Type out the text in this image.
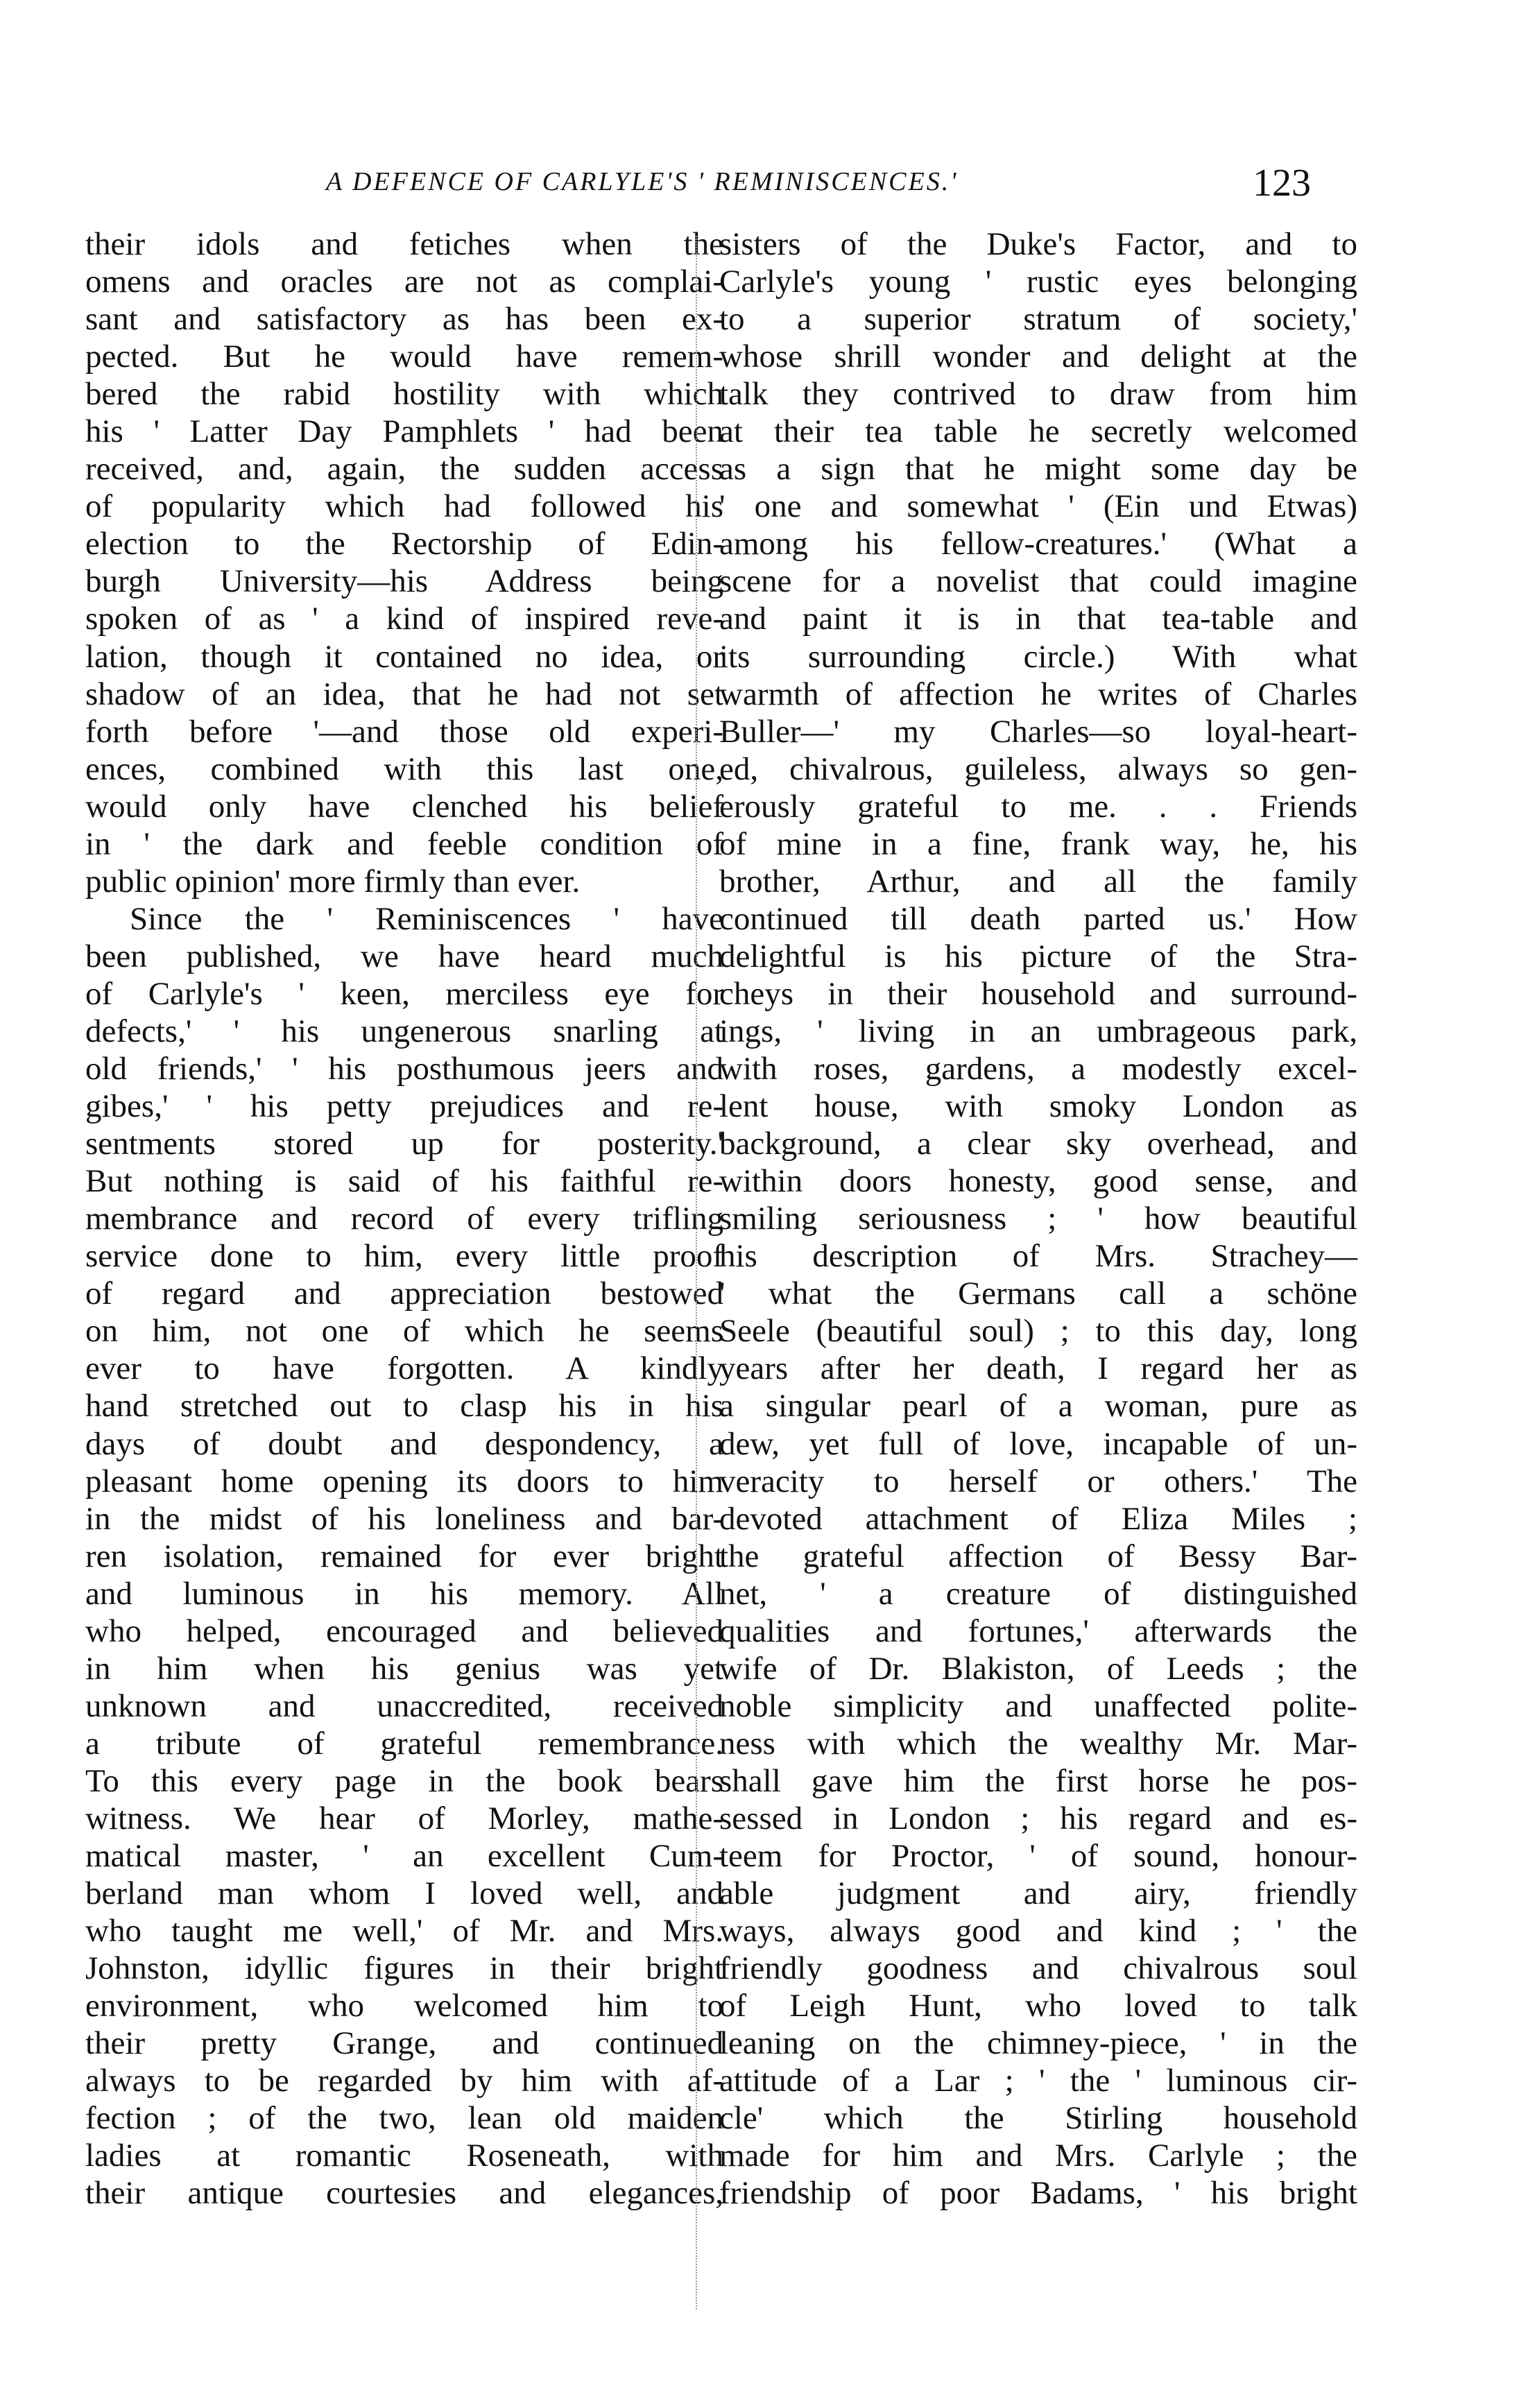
A DEFENCE OF CARLYLE'S ' REMINISCENCES.'	123
their idols and fetiches when the
omens and oracles are not as complai-
sant and satisfactory as has been ex-
pected. But he would have remem-
bered the rabid hostility with which
his ' Latter Day Pamphlets ' had been
received, and, again, the sudden access
of popularity which had followed his
election to the Rectorship of Edin-
burgh University—his Address being
spoken of as ' a kind of inspired reve-
lation, though it contained no idea, or
shadow of an idea, that he had not set
forth before '—and those old experi-
ences, combined with this last one,
would only have clenched his belief
in ' the dark and feeble condition of
public opinion' more firmly than ever.
Since the ' Reminiscences ' have
been published, we have heard much
of Carlyle's ' keen, merciless eye for
defects,' ' his ungenerous snarling at
old friends,' ' his posthumous jeers and
gibes,' ' his petty prejudices and re-
sentments stored up for posterity.'
But nothing is said of his faithful re-
membrance and record of every trifling
service done to him, every little proof
of regard and appreciation bestowed
on him, not one of which he seems
ever to have forgotten. A kindly
hand stretched out to clasp his in his
days of doubt and despondency, a
pleasant home opening its doors to him
in the midst of his loneliness and bar-
ren isolation, remained for ever bright
and luminous in his memory. All
who helped, encouraged and believed
in him when his genius was yet
unknown and unaccredited, received
a tribute of grateful remembrance.
To this every page in the book bears
witness. We hear of Morley, mathe-
matical master, ' an excellent Cum-
berland man whom I loved well, and
who taught me well,' of Mr. and Mrs.
Johnston, idyllic figures in their bright
environment, who welcomed him to
their pretty Grange, and continued
always to be regarded by him with af-
fection ; of the two, lean old maiden
ladies at romantic Roseneath, with
their antique courtesies and elegances,
sisters of the Duke's Factor, and to
Carlyle's young ' rustic eyes belonging
to a superior stratum of society,'
whose shrill wonder and delight at the
talk they contrived to draw from him
at their tea table he secretly welcomed
as a sign that he might some day be
' one and somewhat ' (Ein und Etwas)
among his fellow-creatures.' (What a
scene for a novelist that could imagine
and paint it is in that tea-table and
its surrounding circle.) With what
warmth of affection he writes of Charles
Buller—' my Charles—so loyal-heart-
ed, chivalrous, guileless, always so gen-
erously grateful to me. . . Friends
of mine in a fine, frank way, he, his
brother, Arthur, and all the family
continued till death parted us.' How
delightful is his picture of the Stra-
cheys in their household and surround-
ings, ' living in an umbrageous park,
with roses, gardens, a modestly excel-
lent house, with smoky London as
background, a clear sky overhead, and
within doors honesty, good sense, and
smiling seriousness ; ' how beautiful
his description of Mrs. Strachey—
' what the Germans call a schöne
Seele (beautiful soul) ; to this day, long
years after her death, I regard her as
a singular pearl of a woman, pure as
dew, yet full of love, incapable of un-
veracity to herself or others.' The
devoted attachment of Eliza Miles ;
the grateful affection of Bessy Bar-
net, ' a creature of distinguished
qualities and fortunes,' afterwards the
wife of Dr. Blakiston, of Leeds ; the
noble simplicity and unaffected polite-
ness with which the wealthy Mr. Mar-
shall gave him the first horse he pos-
sessed in London ; his regard and es-
teem for Proctor, ' of sound, honour-
able judgment and airy, friendly
ways, always good and kind ; ' the
friendly goodness and chivalrous soul
of Leigh Hunt, who loved to talk
leaning on the chimney-piece, ' in the
attitude of a Lar ; ' the ' luminous cir-
cle' which the Stirling household
made for him and Mrs. Carlyle ; the
friendship of poor Badams, ' his bright
